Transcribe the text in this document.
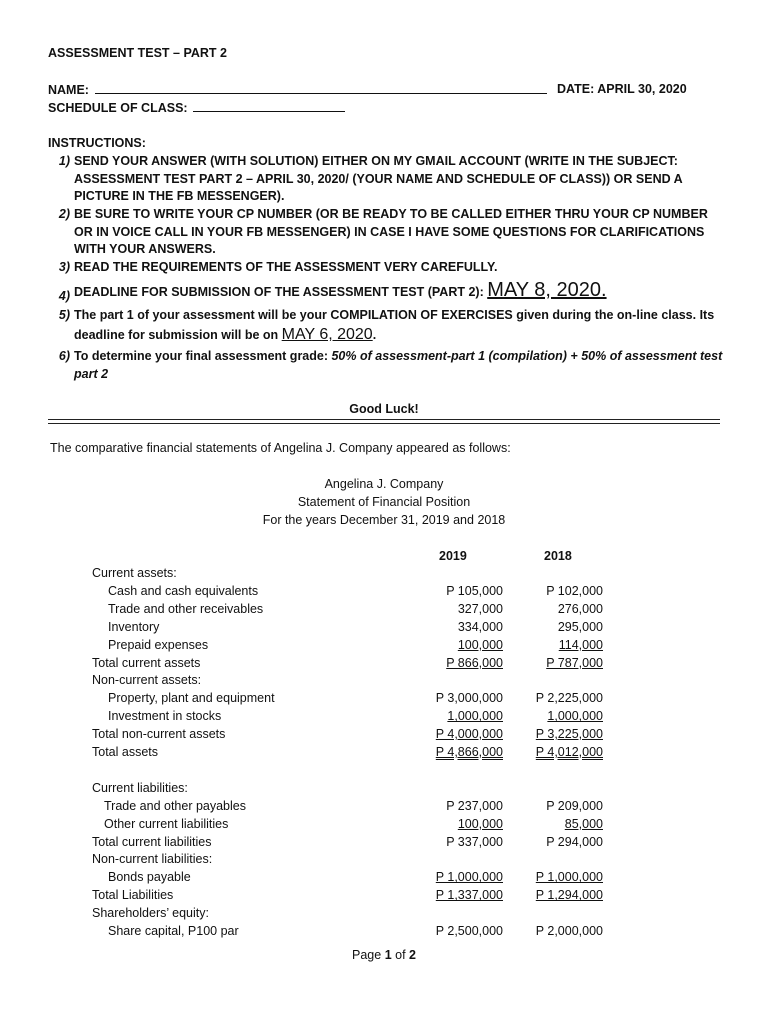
ASSESSMENT TEST – PART 2
NAME:	DATE: APRIL 30, 2020
SCHEDULE OF CLASS:
INSTRUCTIONS:
1) SEND YOUR ANSWER (WITH SOLUTION) EITHER ON MY GMAIL ACCOUNT (WRITE IN THE SUBJECT: ASSESSMENT TEST PART 2 – APRIL 30, 2020/ (YOUR NAME AND SCHEDULE OF CLASS)) OR SEND A PICTURE IN THE FB MESSENGER).
2) BE SURE TO WRITE YOUR CP NUMBER (OR BE READY TO BE CALLED EITHER THRU YOUR CP NUMBER OR IN VOICE CALL IN YOUR FB MESSENGER) IN CASE I HAVE SOME QUESTIONS FOR CLARIFICATIONS WITH YOUR ANSWERS.
3) READ THE REQUIREMENTS OF THE ASSESSMENT VERY CAREFULLY.
4) DEADLINE FOR SUBMISSION OF THE ASSESSMENT TEST (PART 2): MAY 8, 2020.
5) The part 1 of your assessment will be your COMPILATION OF EXERCISES given during the on-line class. Its deadline for submission will be on MAY 6, 2020.
6) To determine your final assessment grade: 50% of assessment-part 1 (compilation) + 50% of assessment test part 2
Good Luck!
The comparative financial statements of Angelina J. Company appeared as follows:
Angelina J. Company
Statement of Financial Position
For the years December 31, 2019 and 2018
2019	2018
Current assets:
Cash and cash equivalents	P 105,000	P 102,000
Trade and other receivables	327,000	276,000
Inventory	334,000	295,000
Prepaid expenses	100,000	114,000
Total current assets	P 866,000	P 787,000
Non-current assets:
Property, plant and equipment	P 3,000,000	P 2,225,000
Investment in stocks	1,000,000	1,000,000
Total non-current assets	P 4,000,000	P 3,225,000
Total assets	P 4,866,000	P 4,012,000
Current liabilities:
Trade and other payables	P 237,000	P 209,000
Other current liabilities	100,000	85,000
Total current liabilities	P 337,000	P 294,000
Non-current liabilities:
Bonds payable	P 1,000,000	P 1,000,000
Total Liabilities	P 1,337,000	P 1,294,000
Shareholders’ equity:
Share capital, P100 par	P 2,500,000	P 2,000,000
Page 1 of 2
